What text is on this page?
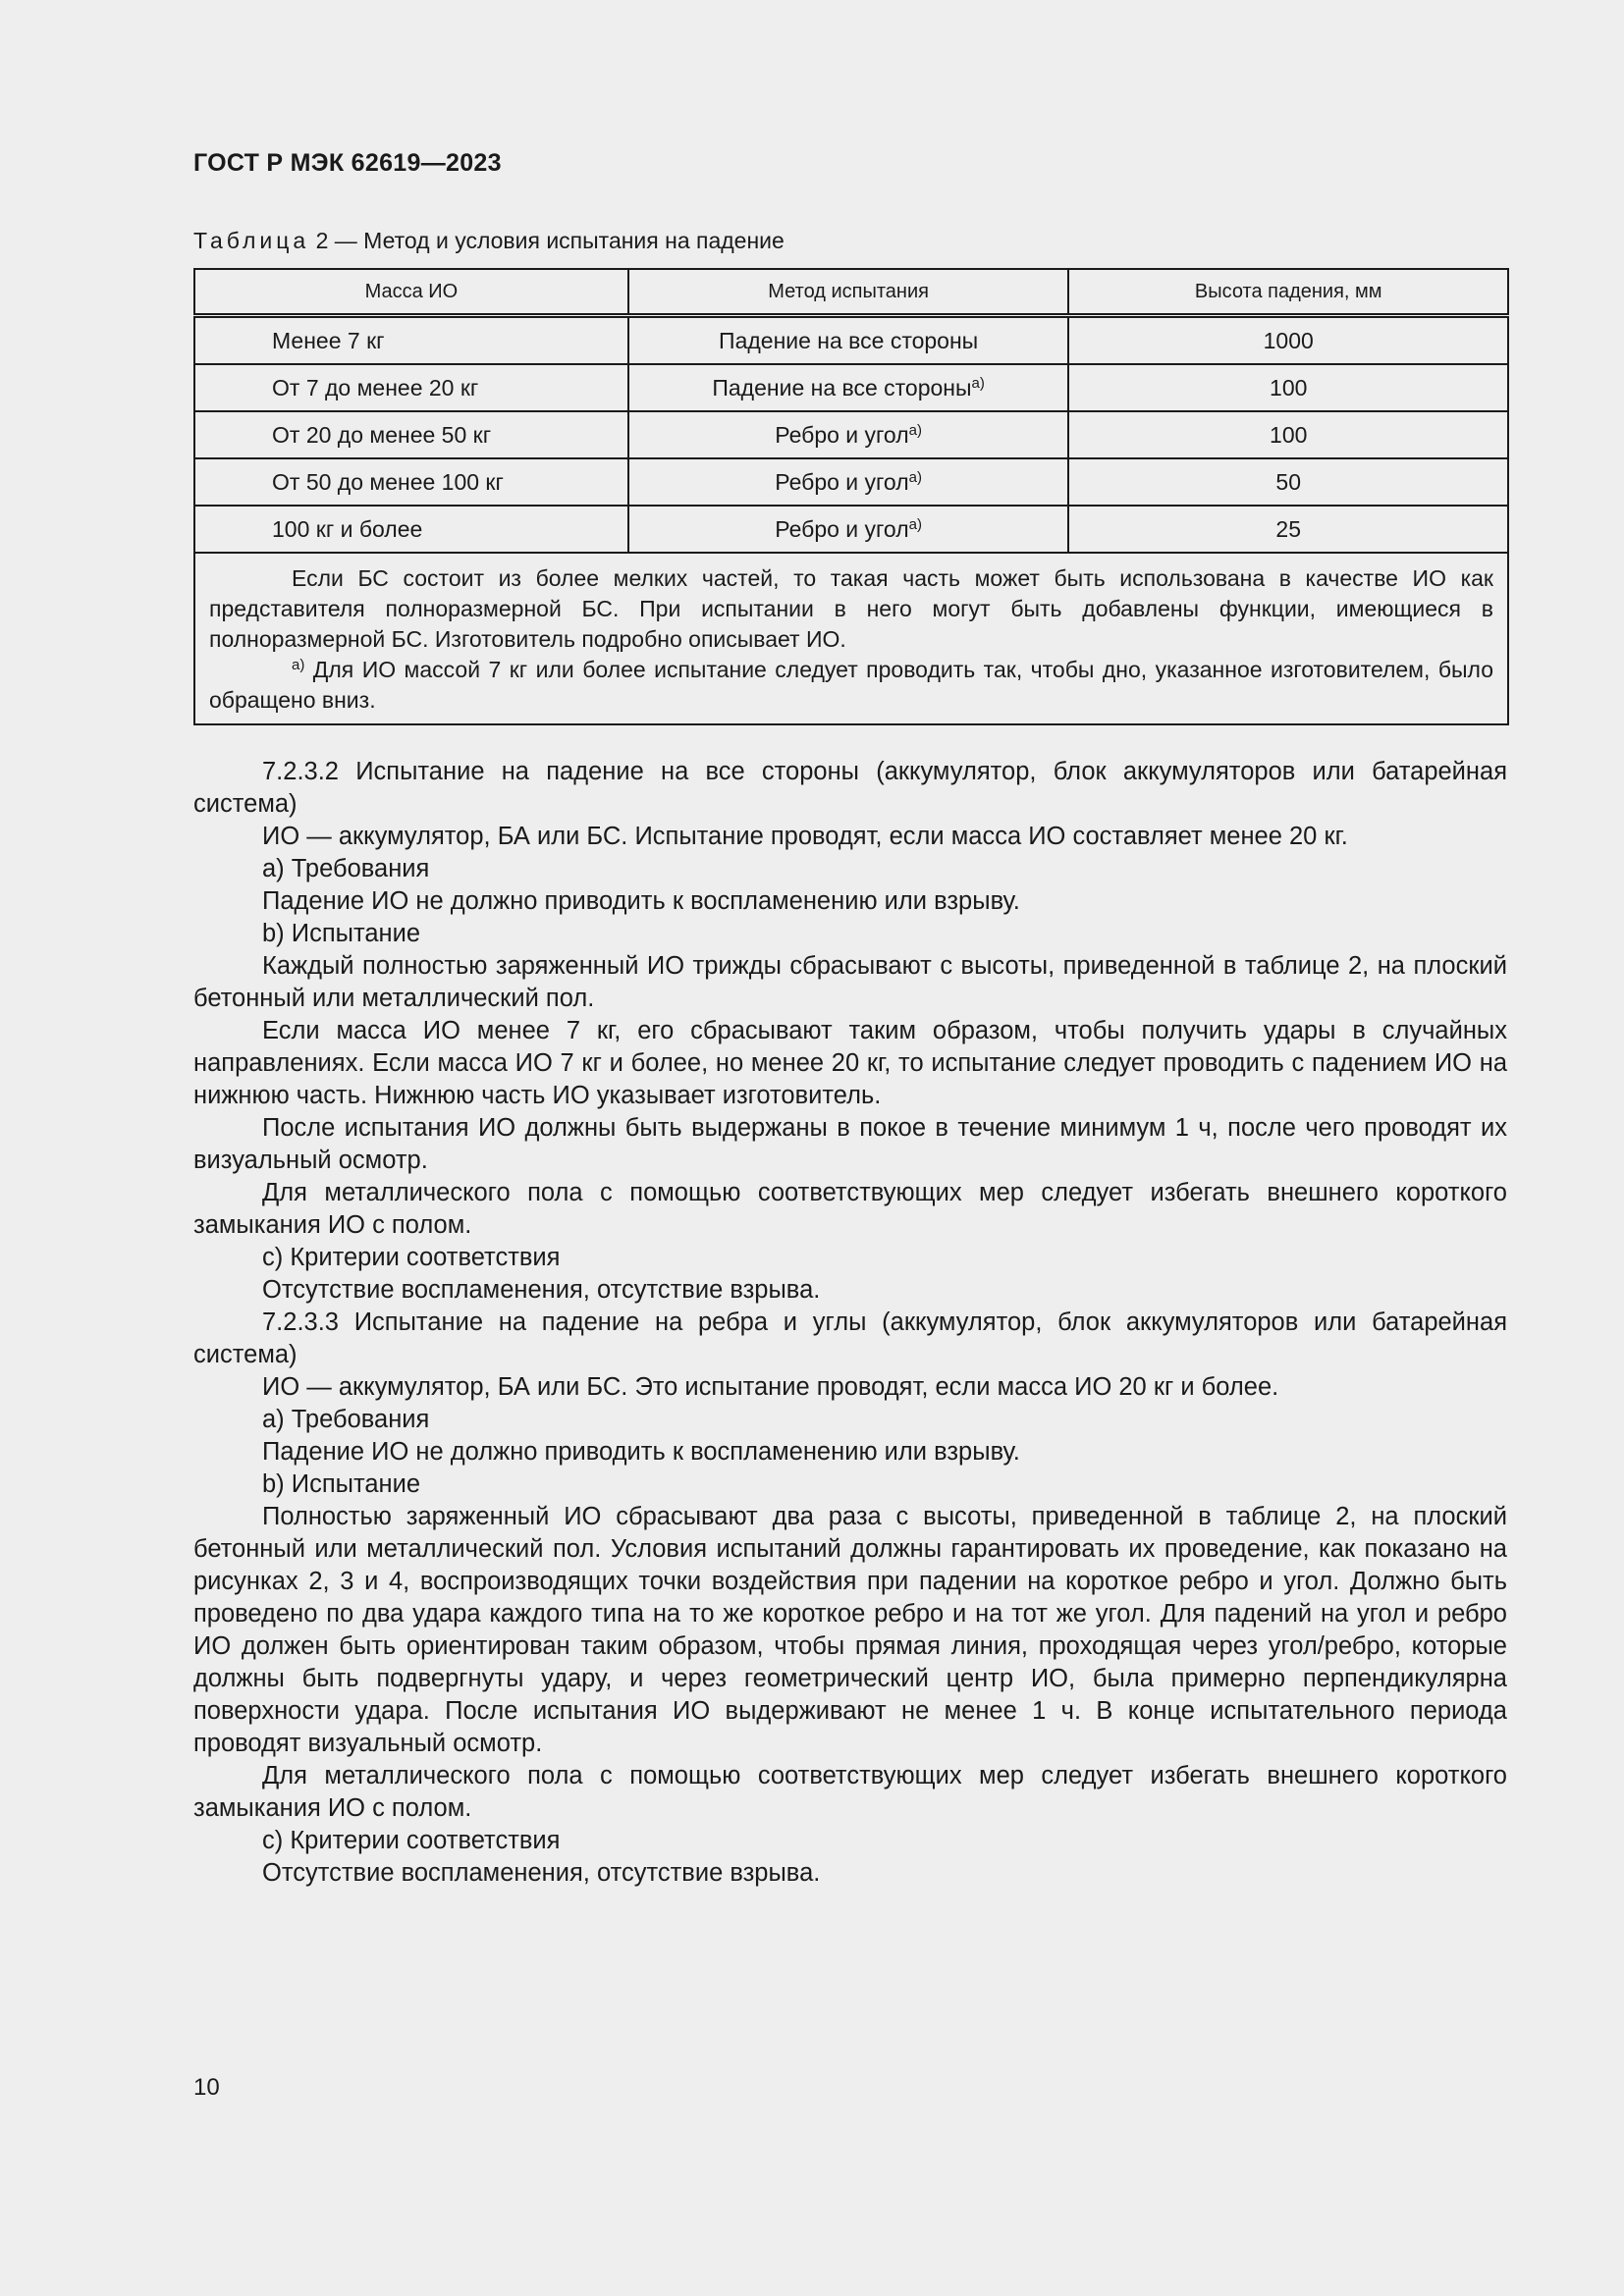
ГОСТ Р МЭК 62619—2023
Таблица 2 — Метод и условия испытания на падение
Масса ИО	Метод испытания	Высота падения, мм
Менее 7 кг	Падение на все стороны	1000
От 7 до менее 20 кг	Падение на все стороны$^{а)}$	100
От 20 до менее 50 кг	Ребро и угол$^{а)}$	100
От 50 до менее 100 кг	Ребро и угол$^{а)}$	50
100 кг и более	Ребро и угол$^{а)}$	25

Если БС состоит из более мелких частей, то такая часть может быть использована в качестве ИО как представителя полноразмерной БС. При испытании в него могут быть добавлены функции, имеющиеся в полноразмерной БС. Изготовитель подробно описывает ИО.

$^{а)}$ Для ИО массой 7 кг или более испытание следует проводить так, чтобы дно, указанное изготовителем, было обращено вниз.		

7.2.3.2 Испытание на падение на все стороны (аккумулятор, блок аккумуляторов или батарейная система)

ИО — аккумулятор, БА или БС. Испытание проводят, если масса ИО составляет менее 20 кг.

а) Требования

Падение ИО не должно приводить к воспламенению или взрыву.

b) Испытание

Каждый полностью заряженный ИО трижды сбрасывают с высоты, приведенной в таблице 2, на плоский бетонный или металлический пол.

Если масса ИО менее 7 кг, его сбрасывают таким образом, чтобы получить удары в случайных направлениях. Если масса ИО 7 кг и более, но менее 20 кг, то испытание следует проводить с падением ИО на нижнюю часть. Нижнюю часть ИО указывает изготовитель.

После испытания ИО должны быть выдержаны в покое в течение минимум 1 ч, после чего проводят их визуальный осмотр.

Для металлического пола с помощью соответствующих мер следует избегать внешнего короткого замыкания ИО с полом.

с) Критерии соответствия

Отсутствие воспламенения, отсутствие взрыва.

7.2.3.3 Испытание на падение на ребра и углы (аккумулятор, блок аккумуляторов или батарейная система)

ИО — аккумулятор, БА или БС. Это испытание проводят, если масса ИО 20 кг и более.

а) Требования

Падение ИО не должно приводить к воспламенению или взрыву.

b) Испытание

Полностью заряженный ИО сбрасывают два раза с высоты, приведенной в таблице 2, на плоский бетонный или металлический пол. Условия испытаний должны гарантировать их проведение, как показано на рисунках 2, 3 и 4, воспроизводящих точки воздействия при падении на короткое ребро и угол. Должно быть проведено по два удара каждого типа на то же короткое ребро и на тот же угол. Для падений на угол и ребро ИО должен быть ориентирован таким образом, чтобы прямая линия, проходящая через угол/ребро, которые должны быть подвергнуты удару, и через геометрический центр ИО, была примерно перпендикулярна поверхности удара. После испытания ИО выдерживают не менее 1 ч. В конце испытательного периода проводят визуальный осмотр.

Для металлического пола с помощью соответствующих мер следует избегать внешнего короткого замыкания ИО с полом.

с) Критерии соответствия

Отсутствие воспламенения, отсутствие взрыва.

10
